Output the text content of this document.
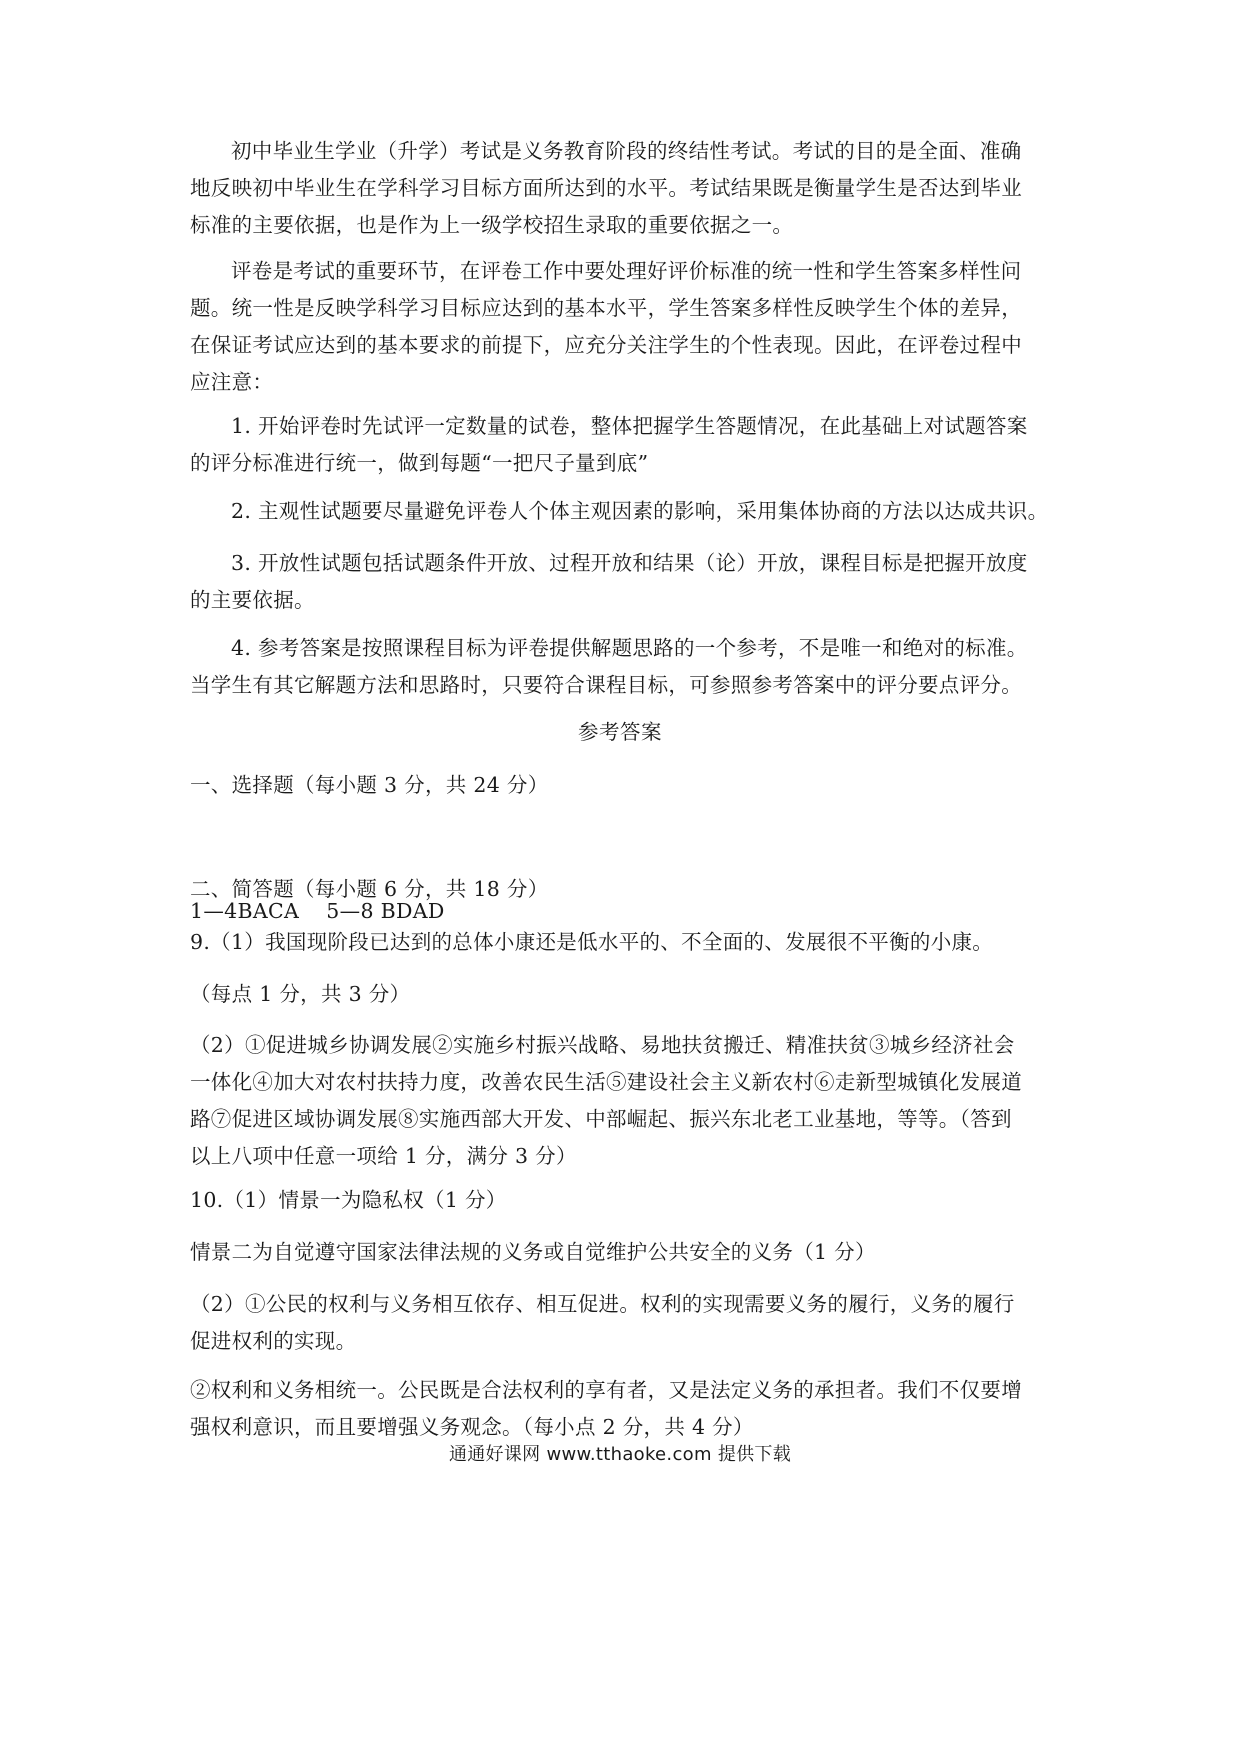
初中毕业生学业（升学）考试是义务教育阶段的终结性考试。考试的目的是全面、准确
地反映初中毕业生在学科学习目标方面所达到的水平。考试结果既是衡量学生是否达到毕业
标准的主要依据，也是作为上一级学校招生录取的重要依据之一。
评卷是考试的重要环节，在评卷工作中要处理好评价标准的统一性和学生答案多样性问
题。统一性是反映学科学习目标应达到的基本水平，学生答案多样性反映学生个体的差异，
在保证考试应达到的基本要求的前提下，应充分关注学生的个性表现。因此，在评卷过程中
应注意：
1. 开始评卷时先试评一定数量的试卷，整体把握学生答题情况，在此基础上对试题答案
的评分标准进行统一，做到每题“一把尺子量到底”
2. 主观性试题要尽量避免评卷人个体主观因素的影响，采用集体协商的方法以达成共识。
3. 开放性试题包括试题条件开放、过程开放和结果（论）开放，课程目标是把握开放度
的主要依据。
4. 参考答案是按照课程目标为评卷提供解题思路的一个参考，不是唯一和绝对的标准。
当学生有其它解题方法和思路时，只要符合课程目标，可参照参考答案中的评分要点评分。
参考答案
一、选择题（每小题 3 分，共 24 分）

1—4BACA    5—8 BDAD

二、简答题（每小题 6 分，共 18 分）
9.（1）我国现阶段已达到的总体小康还是低水平的、不全面的、发展很不平衡的小康。
（每点 1 分，共 3 分）
（2）①促进城乡协调发展②实施乡村振兴战略、易地扶贫搬迁、精准扶贫③城乡经济社会
一体化④加大对农村扶持力度，改善农民生活⑤建设社会主义新农村⑥走新型城镇化发展道
路⑦促进区域协调发展⑧实施西部大开发、中部崛起、振兴东北老工业基地，等等。（答到
以上八项中任意一项给 1 分，满分 3 分）
10.（1）情景一为隐私权（1 分）
情景二为自觉遵守国家法律法规的义务或自觉维护公共安全的义务（1 分）
（2）①公民的权利与义务相互依存、相互促进。权利的实现需要义务的履行，义务的履行
促进权利的实现。
②权利和义务相统一。公民既是合法权利的享有者，又是法定义务的承担者。我们不仅要增
强权利意识，而且要增强义务观念。（每小点 2 分，共 4 分）
通通好课网 www.tthaoke.com 提供下载
